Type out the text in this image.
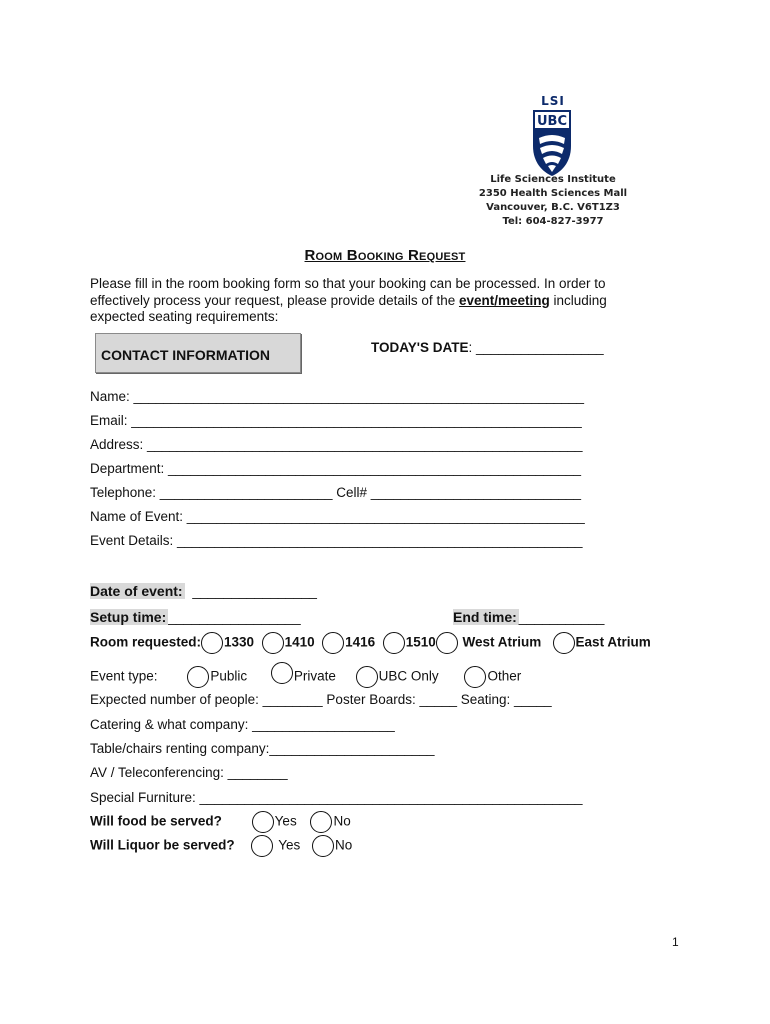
LSI
UBC
Life Sciences Institute
2350 Health Sciences Mall
Vancouver, B.C. V6T1Z3
Tel: 604-827-3977
Room Booking Request
Please fill in the room booking form so that your booking can be processed. In order to effectively process your request, please provide details of the event/meeting including expected seating requirements:
CONTACT INFORMATION	TODAY'S DATE: _________________
Name: ____________________________________________________________
Email: ____________________________________________________________
Address: __________________________________________________________
Department: _______________________________________________________
Telephone: _______________________ Cell# ____________________________
Name of Event: _____________________________________________________
Event Details: ______________________________________________________
Date of event: ________________
Setup time: _________________	End time: ___________
Room requested: 1330 1410 1416 1510 West Atrium	East Atrium
Event type:	Public	Private	UBC Only	Other
Expected number of people: ________ Poster Boards: _____ Seating: _____
Catering & what company: ___________________
Table/chairs renting company:______________________
AV / Teleconferencing: ________
Special Furniture: ___________________________________________________
Will food be served?	Yes	No
Will Liquor be served?	Yes	No
1
